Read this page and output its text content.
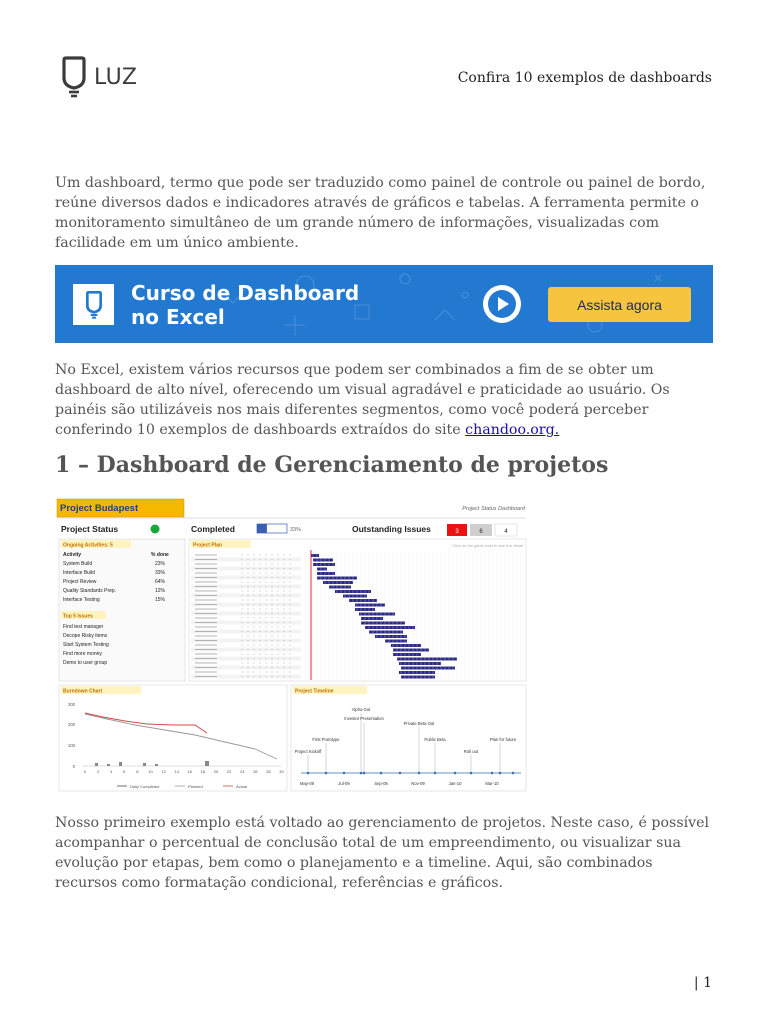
LUZ	Confira 10 exemplos de dashboards

Um dashboard, termo que pode ser traduzido como painel de controle ou painel de bordo, reúne diversos dados e indicadores através de gráficos e tabelas. A ferramenta permite o monitoramento simultâneo de um grande número de informações, visualizadas com facilidade em um único ambiente.

Curso de Dashboard
no Excel
Assista agora

No Excel, existem vários recursos que podem ser combinados a fim de se obter um dashboard de alto nível, oferecendo um visual agradável e praticidade ao usuário. Os painéis são utilizáveis nos mais diferentes segmentos, como você poderá perceber conferindo 10 exemplos de dashboards extraídos do site chandoo.org.

1 – Dashboard de Gerenciamento de projetos
Project Budapest	Project Status Dashboard
Project Status	Completed	33%	Outstanding Issues	3	6	4
Ongoing Activities: 5
Activity	% done
System Build	23%
Interface Build	33%
Project Review	64%
Quality Standards Prep.	12%
Interface Testing	15%
Top 5 Issues
Find test manager
Decope Risky items
Start System Testing
Find more money
Demo to user group
Project Plan	Click on the gantt chart to see it in detail
Burndown Chart
300
200
100
0
0	2	4	6	8 10 12 14 16 18 20 22 24 26 28 30
Daily Completed	Planned	Actual
Project Timeline
Alpha Out
Investor Presentation
Private Beta Out
First Prototype	Public Beta
Project Kickoff	Roll out
Plan for future
May-09	Jul-09	Sep-09	Nov-09	Jan-10	Mar-10

Nosso primeiro exemplo está voltado ao gerenciamento de projetos. Neste caso, é possível acompanhar o percentual de conclusão total de um empreendimento, ou visualizar sua evolução por etapas, bem como o planejamento e a timeline. Aqui, são combinados recursos como formatação condicional, referências e gráficos.

| 1
